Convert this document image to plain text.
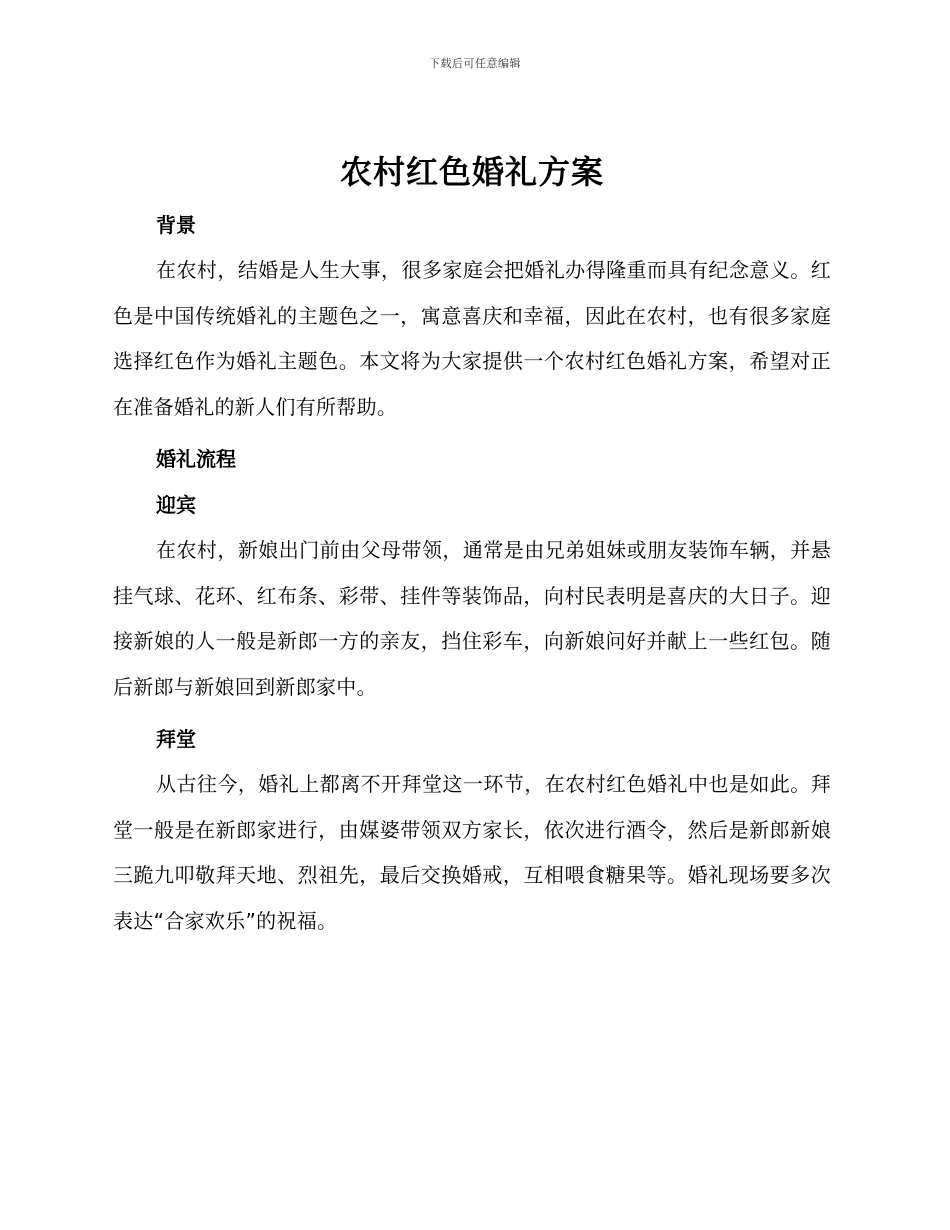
下载后可任意编辑
农村红色婚礼方案
背景

在农村，结婚是人生大事，很多家庭会把婚礼办得隆重而具有纪念意义。红色是中国传统婚礼的主题色之一，寓意喜庆和幸福，因此在农村，也有很多家庭选择红色作为婚礼主题色。本文将为大家提供一个农村红色婚礼方案，希望对正在准备婚礼的新人们有所帮助。

婚礼流程
迎宾

在农村，新娘出门前由父母带领，通常是由兄弟姐妹或朋友装饰车辆，并悬挂气球、花环、红布条、彩带、挂件等装饰品，向村民表明是喜庆的大日子。迎接新娘的人一般是新郎一方的亲友，挡住彩车，向新娘问好并献上一些红包。随后新郎与新娘回到新郎家中。

拜堂

从古往今，婚礼上都离不开拜堂这一环节，在农村红色婚礼中也是如此。拜堂一般是在新郎家进行，由媒婆带领双方家长，依次进行酒令，然后是新郎新娘三跪九叩敬拜天地、烈祖先，最后交换婚戒，互相喂食糖果等。婚礼现场要多次表达“合家欢乐”的祝福。
